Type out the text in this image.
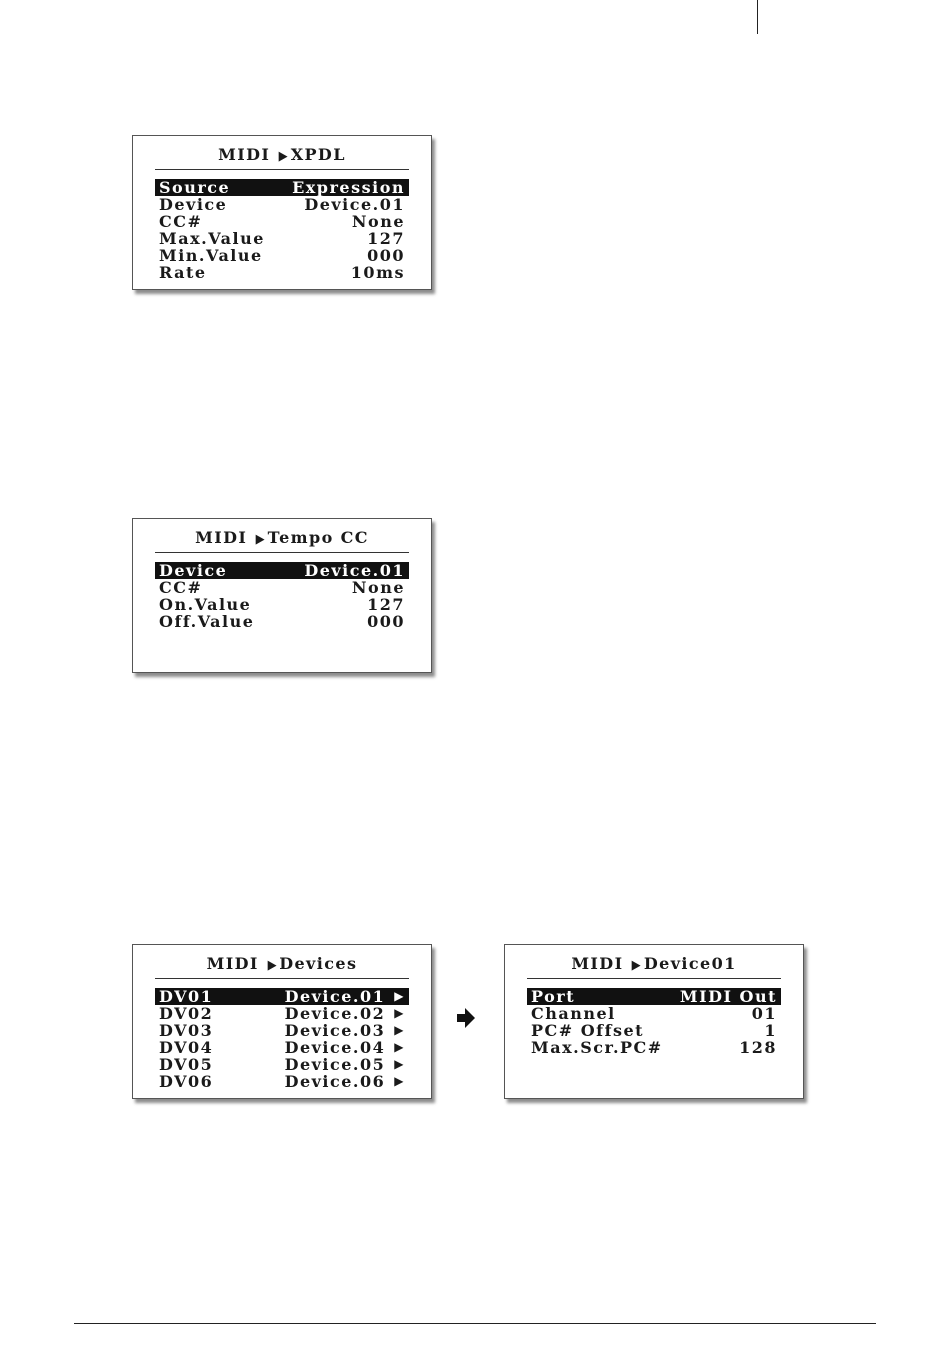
MIDI ▶XPDL
Source	Expression
Device	Device.01
CC#	None
Max.Value	127
Min.Value	000
Rate	10ms
MIDI ▶Tempo CC
Device	Device.01
CC#	None
On.Value	127
Off.Value	000
MIDI ▶Devices
DV01	Device.01 ▶
DV02	Device.02 ▶
DV03	Device.03 ▶
DV04	Device.04 ▶
DV05	Device.05 ▶
DV06	Device.06 ▶
MIDI ▶Device01
Port	MIDI Out
Channel	01
PC# Offset	1
Max.Scr.PC#	128
